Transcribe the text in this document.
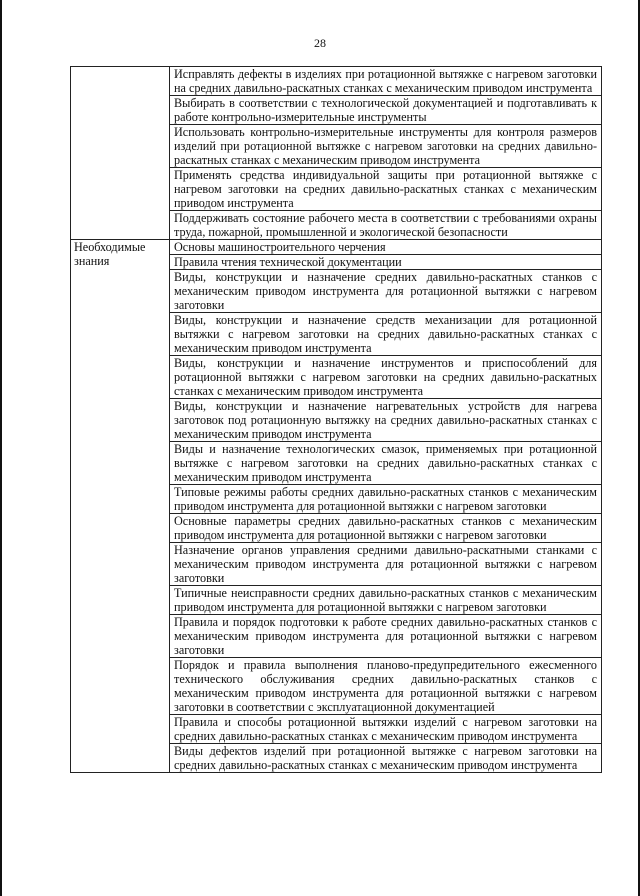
28
	Исправлять дефекты в изделиях при ротационной вытяжке с нагревом заготовки на средних давильно-раскатных станках с механическим приводом инструмента
	Выбирать в соответствии с технологической документацией и подготавливать к работе контрольно-измерительные инструменты
	Использовать контрольно-измерительные инструменты для контроля размеров изделий при ротационной вытяжке с нагревом заготовки на средних давильно-раскатных станках с механическим приводом инструмента
	Применять средства индивидуальной защиты при ротационной вытяжке с нагревом заготовки на средних давильно-раскатных станках с механическим приводом инструмента
	Поддерживать состояние рабочего места в соответствии с требованиями охраны труда, пожарной, промышленной и экологической безопасности
Необходимые знания	Основы машиностроительного черчения
	Правила чтения технической документации
	Виды, конструкции и назначение средних давильно-раскатных станков с механическим приводом инструмента для ротационной вытяжки с нагревом заготовки
	Виды, конструкции и назначение средств механизации для ротационной вытяжки с нагревом заготовки на средних давильно-раскатных станках с механическим приводом инструмента
	Виды, конструкции и назначение инструментов и приспособлений для ротационной вытяжки с нагревом заготовки на средних давильно-раскатных станках с механическим приводом инструмента
	Виды, конструкции и назначение нагревательных устройств для нагрева заготовок под ротационную вытяжку на средних давильно-раскатных станках с механическим приводом инструмента
	Виды и назначение технологических смазок, применяемых при ротационной вытяжке с нагревом заготовки на средних давильно-раскатных станках с механическим приводом инструмента
	Типовые режимы работы средних давильно-раскатных станков с механическим приводом инструмента для ротационной вытяжки с нагревом заготовки
	Основные параметры средних давильно-раскатных станков с механическим приводом инструмента для ротационной вытяжки с нагревом заготовки
	Назначение органов управления средними давильно-раскатными станками с механическим приводом инструмента для ротационной вытяжки с нагревом заготовки
	Типичные неисправности средних давильно-раскатных станков с механическим приводом инструмента для ротационной вытяжки с нагревом заготовки
	Правила и порядок подготовки к работе средних давильно-раскатных станков с механическим приводом инструмента для ротационной вытяжки с нагревом заготовки
	Порядок и правила выполнения планово-предупредительного ежесменного технического обслуживания средних давильно-раскатных станков с механическим приводом инструмента для ротационной вытяжки с нагревом заготовки в соответствии с эксплуатационной документацией
	Правила и способы ротационной вытяжки изделий с нагревом заготовки на средних давильно-раскатных станках с механическим приводом инструмента
	Виды дефектов изделий при ротационной вытяжке с нагревом заготовки на средних давильно-раскатных станках с механическим приводом инструмента
